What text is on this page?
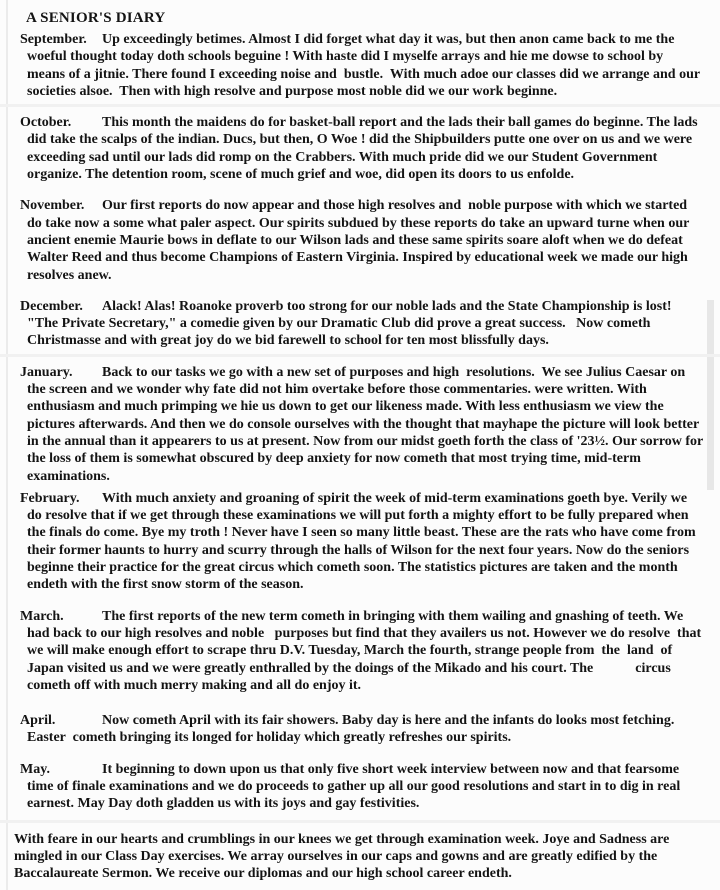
A SENIOR'S DIARY

September. Up exceedingly betimes. Almost I did forget what day it was, but then anon came back to me the woeful thought today doth schools beguine ! With haste did I myselfe arrays and hie me dowse to school by means of a jitnie. There found I exceeding noise and  bustle.  With much adoe our classes did we arrange and our societies alsoe.  Then with high resolve and purpose most noble did we our work beginne.

October. This month the maidens do for basket-ball report and the lads their ball games do beginne. The lads did take the scalps of the indian. Ducs, but then, O Woe ! did the Shipbuilders putte one over on us and we were exceeding sad until our lads did romp on the Crabbers. With much pride did we our Student Government organize. The detention room, scene of much grief and woe, did open its doors to us enfolde.

November. Our first reports do now appear and those high resolves and  noble purpose with which we started do take now a some what paler aspect. Our spirits subdued by these reports do take an upward turne when our ancient enemie Maurie bows in deflate to our Wilson lads and these same spirits soare aloft when we do defeat Walter Reed and thus become Champions of Eastern Virginia. Inspired by educational week we made our high resolves anew.

December. Alack! Alas! Roanoke proverb too strong for our noble lads and the State Championship is lost! "The Private Secretary," a comedie given by our Dramatic Club did prove a great success.   Now cometh Christmasse and with great joy do we bid farewell to school for ten most blissfully days.

January. Back to our tasks we go with a new set of purposes and high  resolutions.  We see Julius Caesar on the screen and we wonder why fate did not him overtake before those commentaries. were written. With enthusiasm and much primping we hie us down to get our likeness made. With less enthusiasm we view the pictures afterwards. And then we do console ourselves with the thought that mayhape the picture will look better in the annual than it appearers to us at present. Now from our midst goeth forth the class of '23½. Our sorrow for the loss of them is somewhat obscured by deep anxiety for now cometh that most trying time, mid-term examinations.

February. With much anxiety and groaning of spirit the week of mid-term examinations goeth bye. Verily we  do resolve that if we get through these examinations we will put forth a mighty effort to be fully prepared when the finals do come. Bye my troth ! Never have I seen so many little beast. These are the rats who have come from their former haunts to hurry and scurry through the halls of Wilson for the next four years. Now do the seniors beginne their practice for the great circus which cometh soon. The statistics pictures are taken and the month endeth with the first snow storm of the season.

March.	The first reports of the new term cometh in bringing with them wailing and gnashing of teeth. We had back to our high resolves and noble   purposes but find that they availers us not. However we do resolve  that we will make enough effort to scrape thru D.V. Tuesday, March the fourth, strange people from  the  land  of Japan visited us and we were greatly enthralled by the doings of the Mikado and his court. The            circus cometh off with much merry making and all do enjoy it.

April.	Now cometh April with its fair showers. Baby day is here and the infants do looks most fetching. Easter  cometh bringing its longed for holiday which greatly refreshes our spirits.

May.	It beginning to down upon us that only five short week interview between now and that fearsome time of finale examinations and we do proceeds to gather up all our good resolutions and start in to dig in real earnest. May Day doth gladden us with its joys and gay festivities.

With feare in our hearts and crumblings in our knees we get through examination week. Joye and Sadness are mingled in our Class Day exercises. We array ourselves in our caps and gowns and are greatly edified by the Baccalaureate Sermon. We receive our diplomas and our high school career endeth.
